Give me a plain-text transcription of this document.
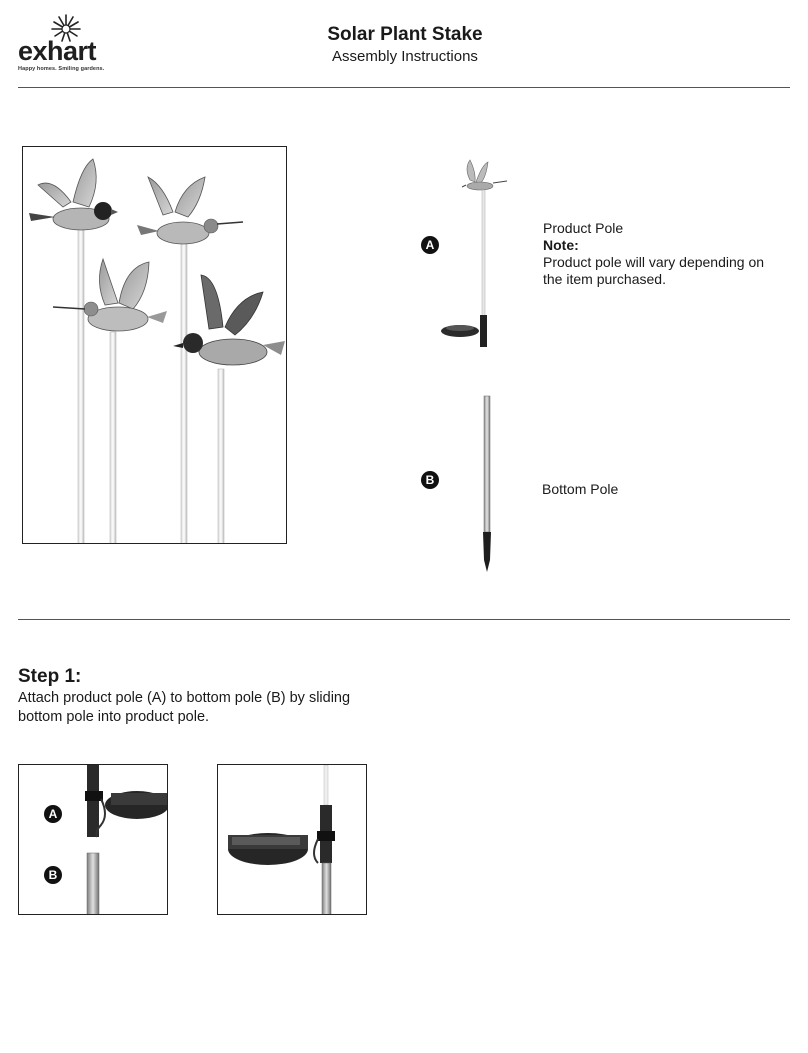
exhart
Happy homes. Smiling gardens.
Solar Plant Stake
Assembly Instructions
A
Product Pole
Note:
Product pole will vary depending on the item purchased.
B
Bottom Pole
Step 1:
Attach product pole (A) to bottom pole (B) by sliding bottom pole into product pole.
A
B
